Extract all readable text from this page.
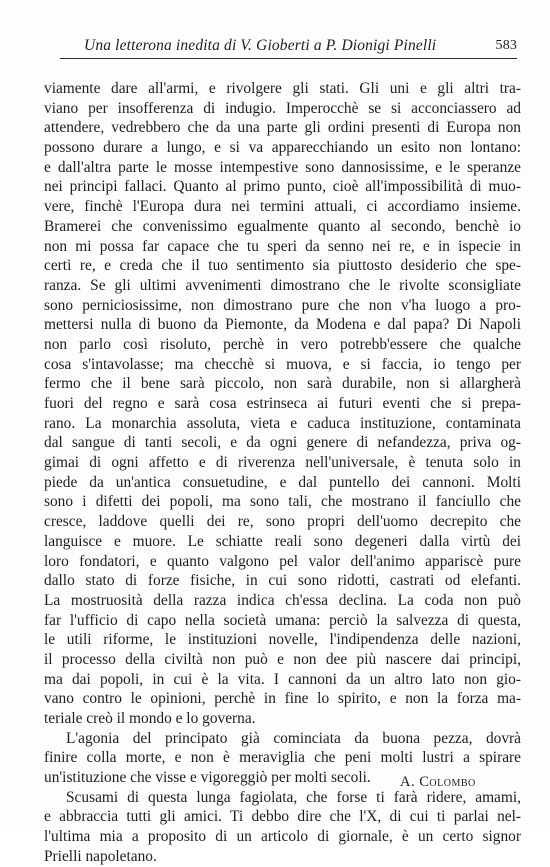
Una letterona inedita di V. Gioberti a P. Dionigi Pinelli	583
viamente dare all'armi, e rivolgere gli stati. Gli uni e gli altri tra-
viano per insofferenza di indugio. Imperocchè se si acconciassero ad
attendere, vedrebbero che da una parte gli ordini presenti di Europa non
possono durare a lungo, e si va apparecchiando un esito non lontano:
e dall'altra parte le mosse intempestive sono dannosissime, e le speranze
nei principi fallaci. Quanto al primo punto, cioè all'impossibilità di muo-
vere, finchè l'Europa dura nei termini attuali, ci accordiamo insieme.
Bramerei che convenissimo egualmente quanto al secondo, benchè io
non mi possa far capace che tu speri da senno nei re, e in ispecie in
certi re, e creda che il tuo sentimento sia piuttosto desiderio che spe-
ranza. Se gli ultimi avvenimenti dimostrano che le rivolte sconsigliate
sono perniciosissime, non dimostrano pure che non v'ha luogo a pro-
mettersi nulla di buono da Piemonte, da Modena e dal papa? Di Napoli
non parlo così risoluto, perchè in vero potrebb'essere che qualche
cosa s'intavolasse; ma checchè si muova, e si faccia, io tengo per
fermo che il bene sarà piccolo, non sarà durabile, non si allargherà
fuori del regno e sarà cosa estrinseca ai futuri eventi che si prepa-
rano. La monarchia assoluta, vieta e caduca instituzione, contaminata
dal sangue di tanti secoli, e da ogni genere di nefandezza, priva og-
gimai di ogni affetto e di riverenza nell'universale, è tenuta solo in
piede da un'antica consuetudine, e dal puntello dei cannoni. Molti
sono i difetti dei popoli, ma sono tali, che mostrano il fanciullo che
cresce, laddove quelli dei re, sono propri dell'uomo decrepito che
languisce e muore. Le schiatte reali sono degeneri dalla virtù dei
loro fondatori, e quanto valgono pel valor dell'animo appariscè pure
dallo stato di forze fisiche, in cui sono ridotti, castrati od elefanti.
La mostruosità della razza indica ch'essa declina. La coda non può
far l'ufficio di capo nella società umana: perciò la salvezza di questa,
le utili riforme, le instituzioni novelle, l'indipendenza delle nazioni,
il processo della civiltà non può e non dee più nascere dai principi,
ma dai popoli, in cui è la vita. I cannoni da un altro lato non gio-
vano contro le opinioni, perchè in fine lo spirito, e non la forza ma-
teriale creò il mondo e lo governa.
L'agonia del principato già cominciata da buona pezza, dovrà
finire colla morte, e non è meraviglia che peni molti lustri a spirare
un'istituzione che visse e vigoreggiò per molti secoli.
Scusami di questa lunga fagiolata, che forse ti farà ridere, amami,
e abbraccia tutti gli amici. Ti debbo dire che l'X, di cui ti parlai nel-
l'ultima mia a proposito di un articolo di giornale, è un certo signor
Prielli napoletano.
A. Colombo
